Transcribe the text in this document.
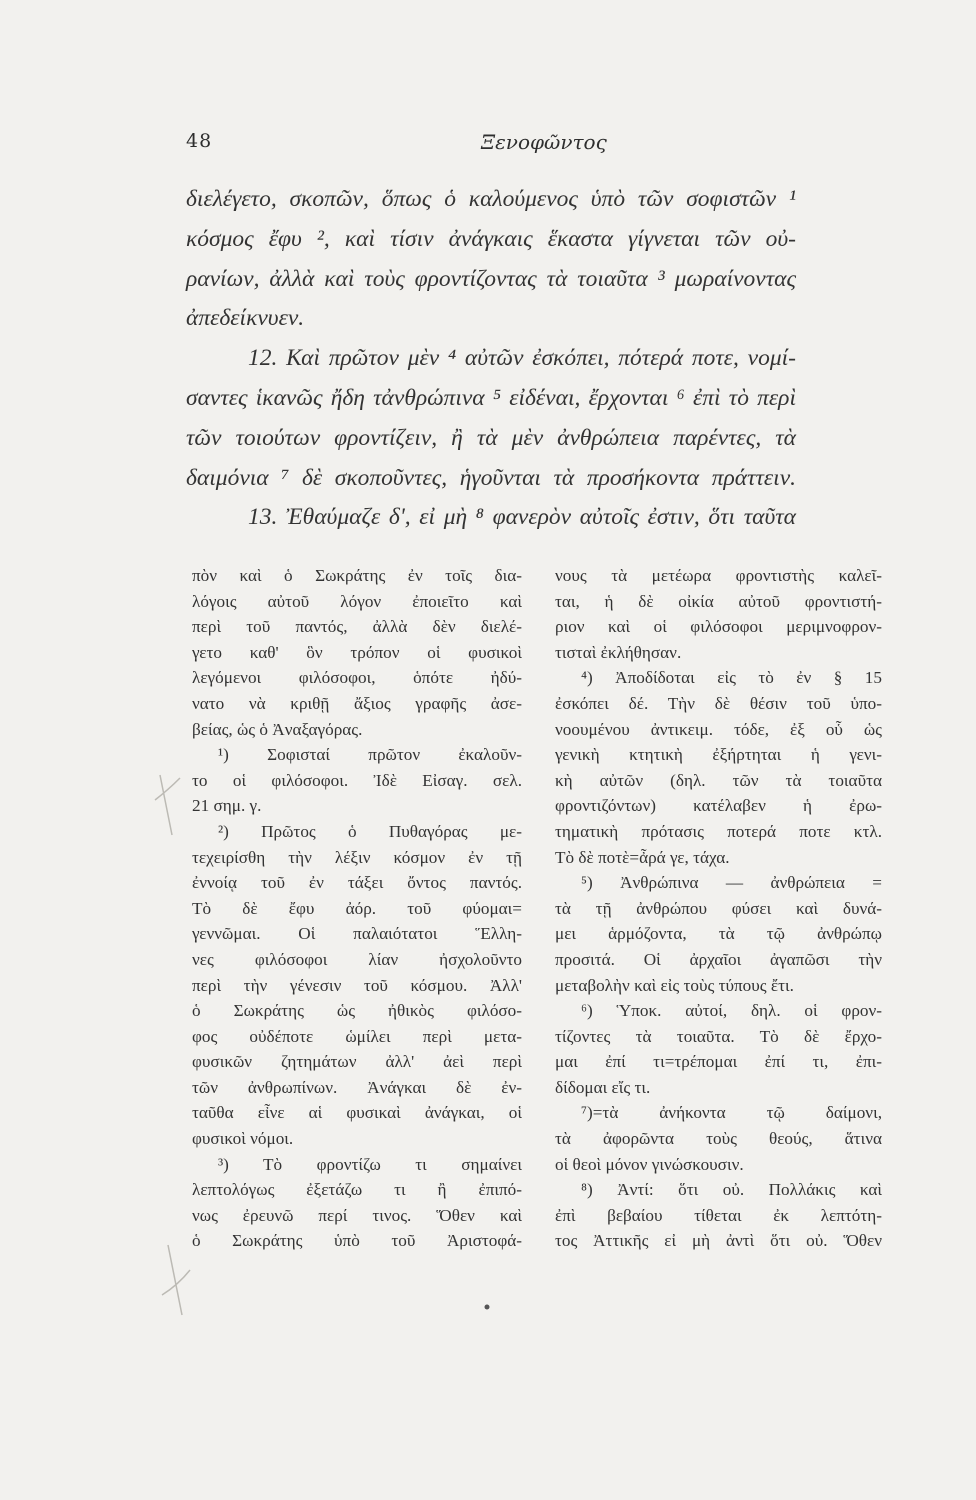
48	Ξενοφῶντος
διελέγετο, σκοπῶν, ὅπως ὁ καλούμενος ὑπὸ τῶν σοφιστῶν ¹
κόσμος ἔφυ ², καὶ τίσιν ἀνάγκαις ἕκαστα γίγνεται τῶν οὐ-
ρανίων, ἀλλὰ καὶ τοὺς φροντίζοντας τὰ τοιαῦτα ³ μωραίνοντας
ἀπεδείκνυεν.
12. Καὶ πρῶτον μὲν ⁴ αὐτῶν ἐσκόπει, πότερά ποτε, νομί-
σαντες ἱκανῶς ἤδη τἀνθρώπινα ⁵ εἰδέναι, ἔρχονται ⁶ ἐπὶ τὸ περὶ
τῶν τοιούτων φροντίζειν, ἢ τὰ μὲν ἀνθρώπεια παρέντες, τὰ
δαιμόνια ⁷ δὲ σκοποῦντες, ἡγοῦνται τὰ προσήκοντα πράττειν.
13. Ἐθαύμαζε δ', εἰ μὴ ⁸ φανερὸν αὐτοῖς ἐστιν, ὅτι ταῦτα
πὸν καὶ ὁ Σωκράτης ἐν τοῖς δια-
λόγοις αὐτοῦ λόγον ἐποιεῖτο καὶ
περὶ τοῦ παντός, ἀλλὰ δὲν διελέ-
γετο καθ' ὃν τρόπον οἱ φυσικοὶ
λεγόμενοι φιλόσοφοι, ὁπότε ἠδύ-
νατο νὰ κριθῇ ἄξιος γραφῆς ἀσε-
βείας, ὡς ὁ Ἀναξαγόρας.
¹) Σοφισταί πρῶτον ἐκαλοῦν-
το οἱ φιλόσοφοι. Ἰδὲ Εἰσαγ. σελ.
21 σημ. γ.
²) Πρῶτος ὁ Πυθαγόρας με-
τεχειρίσθη τὴν λέξιν κόσμον ἐν τῇ
ἐννοίᾳ τοῦ ἐν τάξει ὄντος παντός.
Τὸ δὲ ἔφυ ἀόρ. τοῦ φύομαι=
γεννῶμαι. Οἱ παλαιότατοι Ἕλλη-
νες φιλόσοφοι λίαν ἠσχολοῦντο
περὶ τὴν γένεσιν τοῦ κόσμου. Ἀλλ'
ὁ Σωκράτης ὡς ἠθικὸς φιλόσο-
φος οὐδέποτε ὡμίλει περὶ μετα-
φυσικῶν ζητημάτων ἀλλ' ἀεὶ περὶ
τῶν ἀνθρωπίνων. Ἀνάγκαι δὲ ἐν-
ταῦθα εἶνε αἱ φυσικαὶ ἀνάγκαι, οἱ
φυσικοὶ νόμοι.
³) Τὸ φροντίζω τι σημαίνει
λεπτολόγως ἐξετάζω τι ἢ ἐπιπό-
νως ἐρευνῶ περί τινος. Ὅθεν καὶ
ὁ Σωκράτης ὑπὸ τοῦ Ἀριστοφά-
νους τὰ μετέωρα φροντιστὴς καλεῖ-
ται, ἡ δὲ οἰκία αὐτοῦ φροντιστή-
ριον καὶ οἱ φιλόσοφοι μεριμνοφρον-
τισταὶ ἐκλήθησαν.
⁴) Ἀποδίδοται εἰς τὸ ἐν § 15
ἐσκόπει δέ. Τὴν δὲ θέσιν τοῦ ὑπο-
νοουμένου ἀντικειμ. τόδε, ἐξ οὗ ὡς
γενικὴ κτητικὴ ἐξήρτηται ἡ γενι-
κὴ αὐτῶν (δηλ. τῶν τὰ τοιαῦτα
φροντιζόντων) κατέλαβεν ἡ ἐρω-
τηματικὴ πρότασις ποτερά ποτε κτλ.
Τὸ δὲ ποτὲ=ἆρά γε, τάχα.
⁵) Ἀνθρώπινα — ἀνθρώπεια =
τὰ τῇ ἀνθρώπου φύσει καὶ δυνά-
μει ἁρμόζοντα, τὰ τῷ ἀνθρώπῳ
προσιτά. Οἱ ἀρχαῖοι ἀγαπῶσι τὴν
μεταβολὴν καὶ εἰς τοὺς τύπους ἔτι.
⁶) Ὑποκ. αὐτοί, δηλ. οἱ φρον-
τίζοντες τὰ τοιαῦτα. Τὸ δὲ ἔρχο-
μαι ἐπί τι=τρέπομαι ἐπί τι, ἐπι-
δίδομαι εἴς τι.
⁷)=τὰ ἀνήκοντα τῷ δαίμονι,
τὰ ἀφορῶντα τοὺς θεούς, ἅτινα
οἱ θεοὶ μόνον γινώσκουσιν.
⁸) Ἀντί: ὅτι οὐ. Πολλάκις καὶ
ἐπὶ βεβαίου τίθεται ἐκ λεπτότη-
τος Ἀττικῆς εἰ μὴ ἀντὶ ὅτι οὐ. Ὅθεν
